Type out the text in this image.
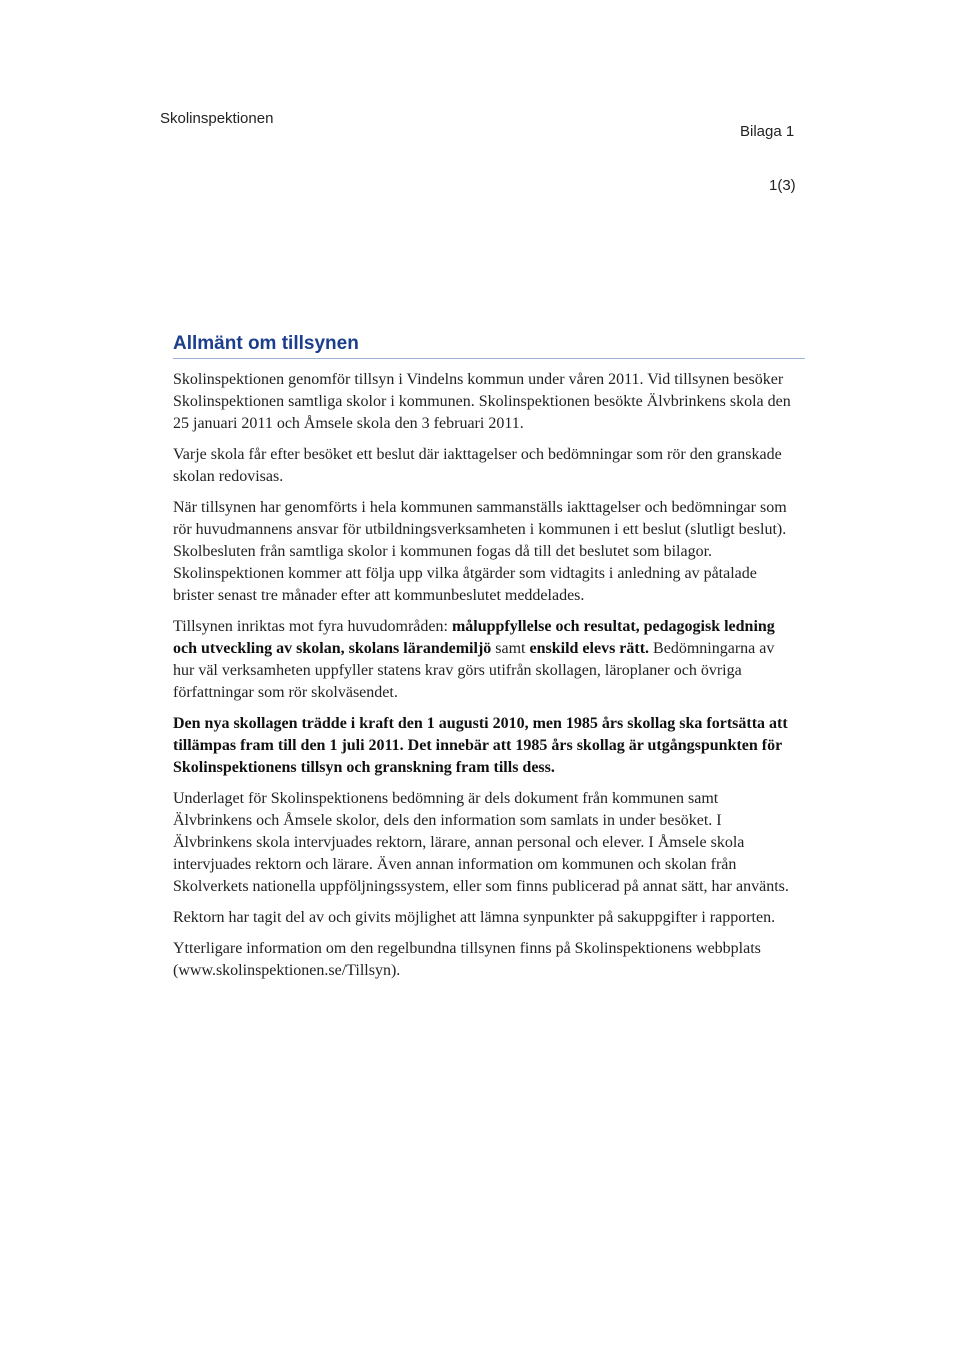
Skolinspektionen
Bilaga 1
1(3)
Allmänt om tillsynen

Skolinspektionen genomför tillsyn i Vindelns kommun under våren 2011. Vid tillsynen besöker Skolinspektionen samtliga skolor i kommunen. Skolinspektionen besökte Älvbrinkens skola den 25 januari 2011 och Åmsele skola den 3 februari 2011.

Varje skola får efter besöket ett beslut där iakttagelser och bedömningar som rör den granskade skolan redovisas.

När tillsynen har genomförts i hela kommunen sammanställs iakttagelser och bedömningar som rör huvudmannens ansvar för utbildningsverksamheten i kommunen i ett beslut (slutligt beslut). Skolbesluten från samtliga skolor i kommunen fogas då till det beslutet som bilagor. Skolinspektionen kommer att följa upp vilka åtgärder som vidtagits i anledning av påtalade brister senast tre månader efter att kommunbeslutet meddelades.

Tillsynen inriktas mot fyra huvudområden: måluppfyllelse och resultat, pedagogisk ledning och utveckling av skolan, skolans lärandemiljö samt enskild elevs rätt. Bedömningarna av hur väl verksamheten uppfyller statens krav görs utifrån skollagen, läroplaner och övriga författningar som rör skolväsendet.

Den nya skollagen trädde i kraft den 1 augusti 2010, men 1985 års skollag ska fortsätta att tillämpas fram till den 1 juli 2011. Det innebär att 1985 års skollag är utgångspunkten för Skolinspektionens tillsyn och granskning fram tills dess.

Underlaget för Skolinspektionens bedömning är dels dokument från kommunen samt Älvbrinkens och Åmsele skolor, dels den information som samlats in under besöket. I Älvbrinkens skola intervjuades rektorn, lärare, annan personal och elever. I Åmsele skola intervjuades rektorn och lärare. Även annan information om kommunen och skolan från Skolverkets nationella uppföljningssystem, eller som finns publicerad på annat sätt, har använts.

Rektorn har tagit del av och givits möjlighet att lämna synpunkter på sakuppgifter i rapporten.

Ytterligare information om den regelbundna tillsynen finns på Skolinspektionens webbplats (www.skolinspektionen.se/Tillsyn).
